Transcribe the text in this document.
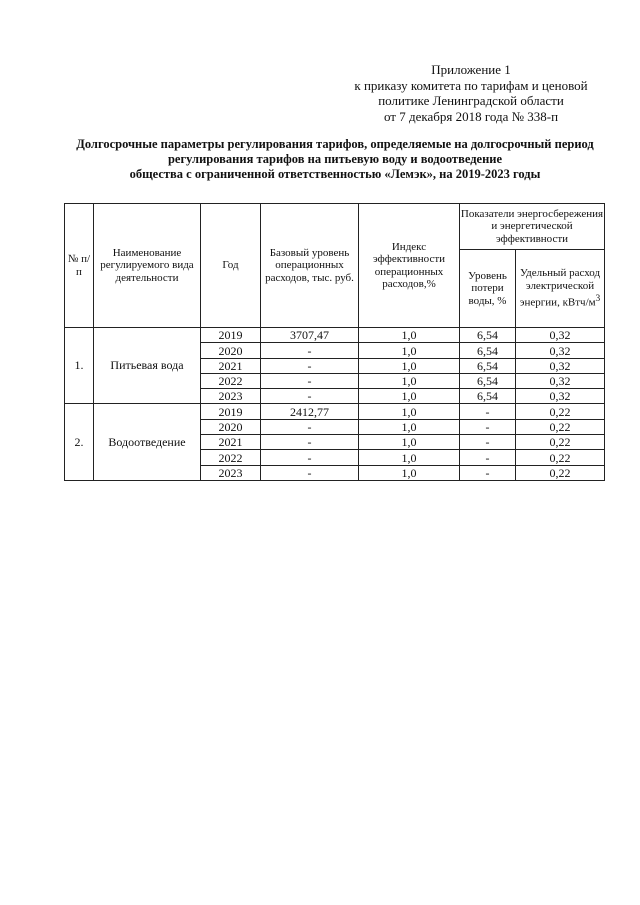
Приложение 1
к приказу комитета по тарифам и ценовой
политике Ленинградской области
от 7 декабря 2018 года № 338-п
Долгосрочные параметры регулирования тарифов, определяемые на долгосрочный период
регулирования тарифов на питьевую воду и водоотведение
общества с ограниченной ответственностью «Лемэк», на 2019-2023 годы
№ п/п	Наименование регулируемого вида деятельности	Год	Базовый уровень операционных расходов, тыс. руб.	Индекс эффективности операционных расходов,%	Показатели энергосбережения и энергетической эффективности	
					Уровень потери воды, %	Удельный расход электрической энергии, кВтч/$м^3$
1.	Питьевая вода	2019	3707,47	1,0	6,54	0,32
		2020	-	1,0	6,54	0,32
		2021	-	1,0	6,54	0,32
		2022	-	1,0	6,54	0,32
		2023	-	1,0	6,54	0,32
2.	Водоотведение	2019	2412,77	1,0	-	0,22
		2020	-	1,0	-	0,22
		2021	-	1,0	-	0,22
		2022	-	1,0	-	0,22
		2023	-	1,0	-	0,22
